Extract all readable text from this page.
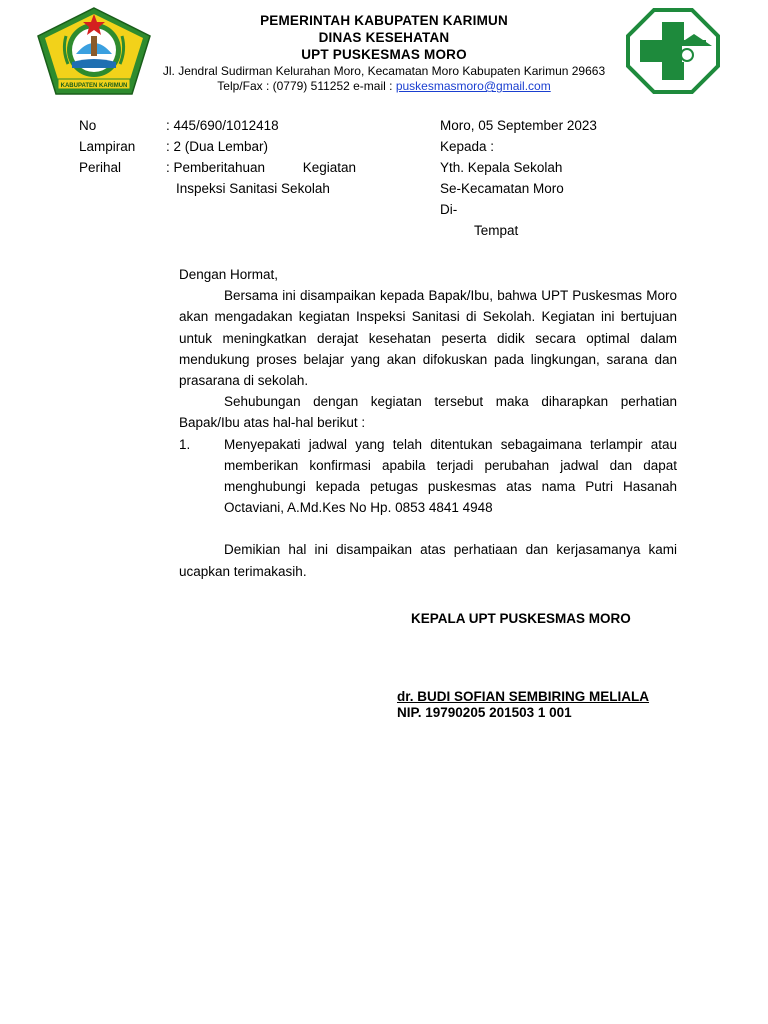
KABUPATEN KARIMUN
PEMERINTAH KABUPATEN KARIMUN
DINAS KESEHATAN
UPT PUSKESMAS MORO
Jl. Jendral Sudirman Kelurahan Moro, Kecamatan Moro Kabupaten Karimun 29663
Telp/Fax : (0779) 511252 e-mail : puskesmasmoro@gmail.com
No	: 445/690/1012418
Lampiran	: 2 (Dua Lembar)
Perihal	: Pemberitahuan	Kegiatan
Inspeksi Sanitasi Sekolah
Moro, 05 September 2023
Kepada :
Yth. Kepala Sekolah
Se-Kecamatan Moro
Di-
Tempat

Dengan Hormat,

Bersama ini disampaikan kepada Bapak/Ibu, bahwa UPT Puskesmas Moro akan mengadakan kegiatan Inspeksi Sanitasi di Sekolah. Kegiatan ini bertujuan untuk meningkatkan derajat kesehatan peserta didik secara optimal dalam mendukung proses belajar yang akan difokuskan pada lingkungan, sarana dan prasarana di sekolah.

Sehubungan dengan kegiatan tersebut maka diharapkan perhatian Bapak/Ibu atas hal-hal berikut :

1.	Menyepakati jadwal yang telah ditentukan sebagaimana terlampir atau memberikan konfirmasi apabila terjadi perubahan jadwal dan dapat menghubungi kepada petugas puskesmas atas nama Putri Hasanah Octaviani, A.Md.Kes No Hp. 0853 4841 4948

Demikian hal ini disampaikan atas perhatiaan dan kerjasamanya kami ucapkan terimakasih.

KEPALA UPT PUSKESMAS MORO
dr. BUDI SOFIAN SEMBIRING MELIALA
NIP. 19790205 201503 1 001
